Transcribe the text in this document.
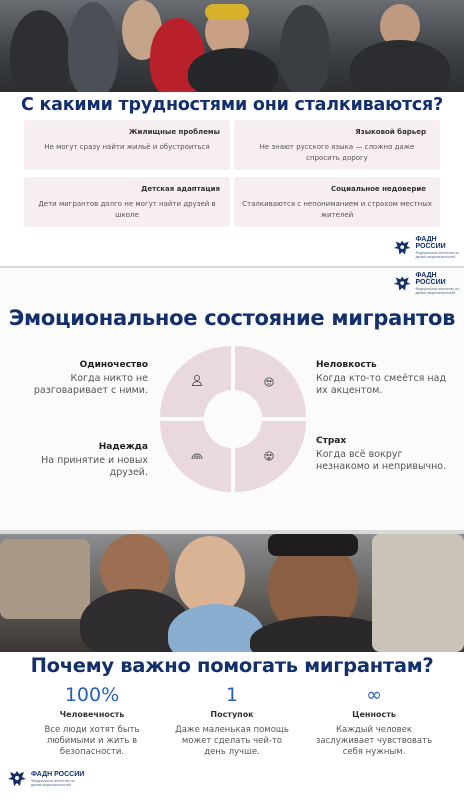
С какими трудностями они сталкиваются?
Жилищные проблемы
Не могут сразу найти жильё и обустроиться
Языковой барьер
Не знают русского языка — сложно даже спросить дорогу
Детская адаптация
Дети мигрантов долго не могут найти друзей в школе
Социальное недоверие
Сталкиваются с непониманием и страхом местных жителей
ФАДН РОССИИ
Федеральное агентство по делам национальностей
ФАДН РОССИИ
Федеральное агентство по делам национальностей
Эмоциональное состояние мигрантов
Одиночество
Когда никто не разговаривает с ними.
Неловкость
Когда кто-то смеётся над их акцентом.
Надежда
На принятие и новых друзей.
Страх
Когда всё вокруг незнакомо и непривычно.
Почему важно помогать мигрантам?
100%
Человечность
Все люди хотят быть любимыми и жить в безопасности.
1
Поступок
Даже маленькая помощь может сделать чей-то день лучше.
∞
Ценность
Каждый человек заслуживает чувствовать себя нужным.
ФАДН РОССИИ
Федеральное агентство по делам национальностей
